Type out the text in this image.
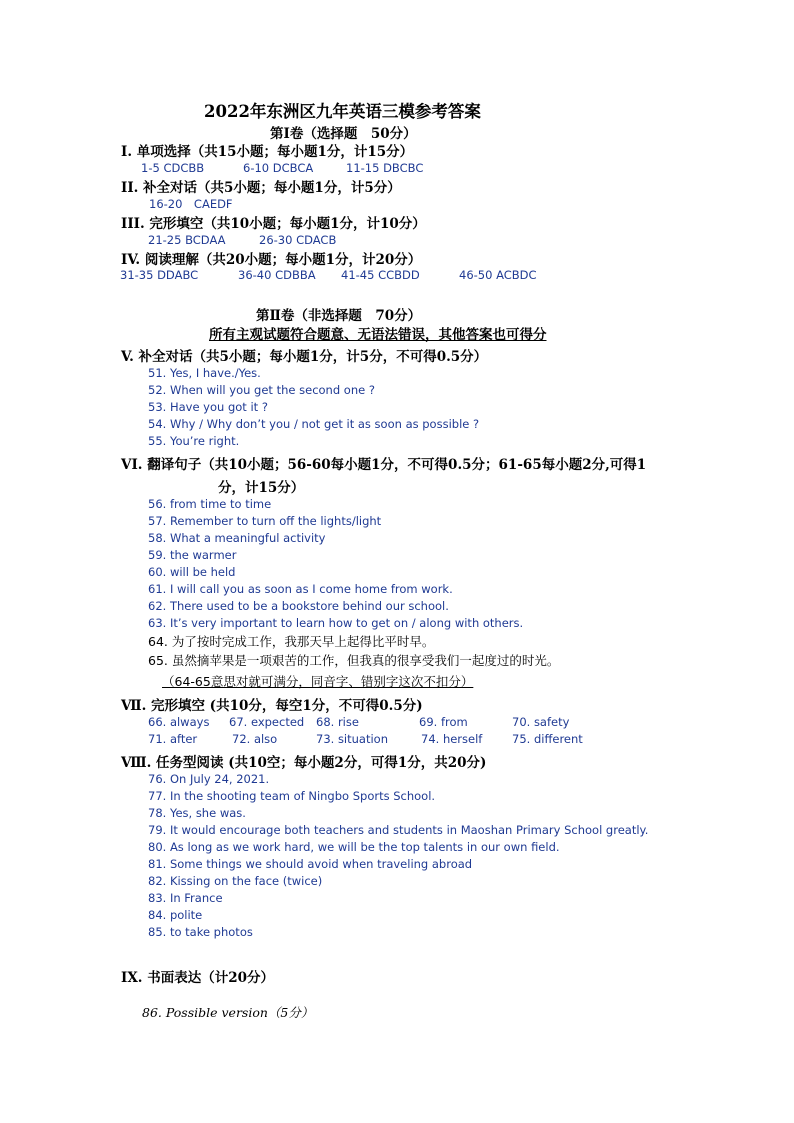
2022年东洲区九年英语三模参考答案
第Ⅰ卷（选择题　50分）
I. 单项选择（共15小题；每小题1分，计15分）
1-5 CDCBB	6-10 DCBCA	11-15 DBCBC
II. 补全对话（共5小题；每小题1分，计5分）
16-20　CAEDF
III. 完形填空（共10小题；每小题1分，计10分）
21-25 BCDAA	26-30 CDACB
IV. 阅读理解（共20小题；每小题1分，计20分）
31-35 DDABC	36-40 CDBBA 41-45 CCBDD	46-50 ACBDC
第Ⅱ卷（非选择题　70分）
所有主观试题符合题意、无语法错误，其他答案也可得分
V. 补全对话（共5小题；每小题1分，计5分，不可得0.5分）
51. Yes, I have./Yes.
52. When will you get the second one ?
53. Have you got it ?
54. Why / Why don’t you / not get it as soon as possible ?
55. You’re right.
VI. 翻译句子（共10小题；56-60每小题1分，不可得0.5分；61-65每小题2分,可得1
分，计15分）
56. from time to time
57. Remember to turn off the lights/light
58. What a meaningful activity
59. the warmer
60. will be held
61. I will call you as soon as I come home from work.
62. There used to be a bookstore behind our school.
63. It’s very important to learn how to get on / along with others.
64. 为了按时完成工作，我那天早上起得比平时早。
65. 虽然摘苹果是一项艰苦的工作，但我真的很享受我们一起度过的时光。
（64-65意思对就可满分，同音字、错别字这次不扣分）
Ⅶ. 完形填空 (共10分，每空1分，不可得0.5分)
66. always 67. expected 68. rise	69. from	70. safety
71. after	72. also	73. situation	74. herself	75. different
Ⅷ. 任务型阅读 (共10空；每小题2分，可得1分，共20分)
76. On July 24, 2021.
77. In the shooting team of Ningbo Sports School.
78. Yes, she was.
79. It would encourage both teachers and students in Maoshan Primary School greatly.
80. As long as we work hard, we will be the top talents in our own field.
81. Some things we should avoid when traveling abroad
82. Kissing on the face (twice)
83. In France
84. polite
85. to take photos
IX. 书面表达（计20分）
86. Possible version（5分）
